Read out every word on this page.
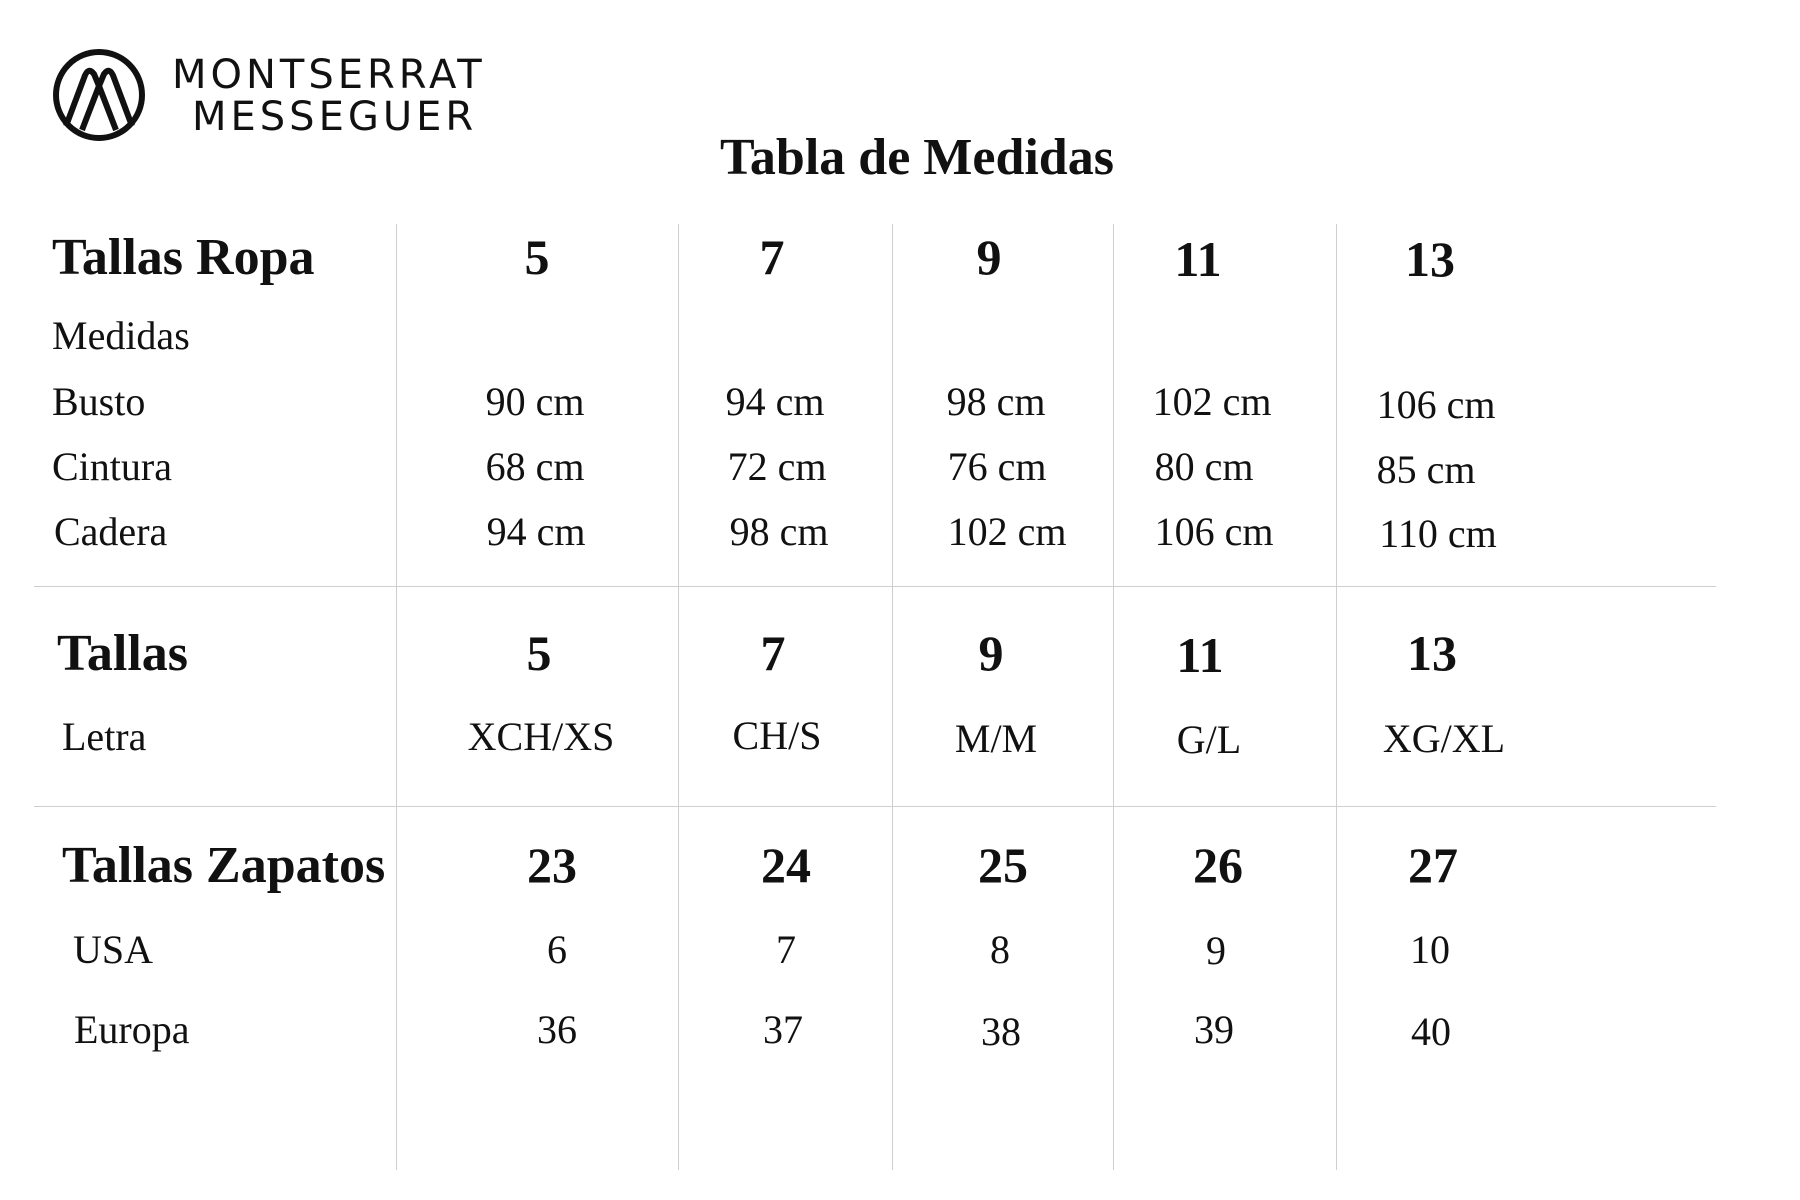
MONTSERRAT
MESSEGUER
Tabla de Medidas
Tallas Ropa	5	7	9	11	13
Medidas
Busto	90 cm	94 cm	98 cm	102 cm	106 cm
Cintura	68 cm	72 cm	76 cm	80 cm	85 cm
Cadera	94 cm	98 cm	102 cm	106 cm	110 cm
Tallas	5	7	9	11	13
Letra	XCH/XS	CH/S	M/M	G/L	XG/XL
Tallas Zapatos	23	24	25	26	27
USA	6	7	8	9	10
Europa	36	37	38	39	40
